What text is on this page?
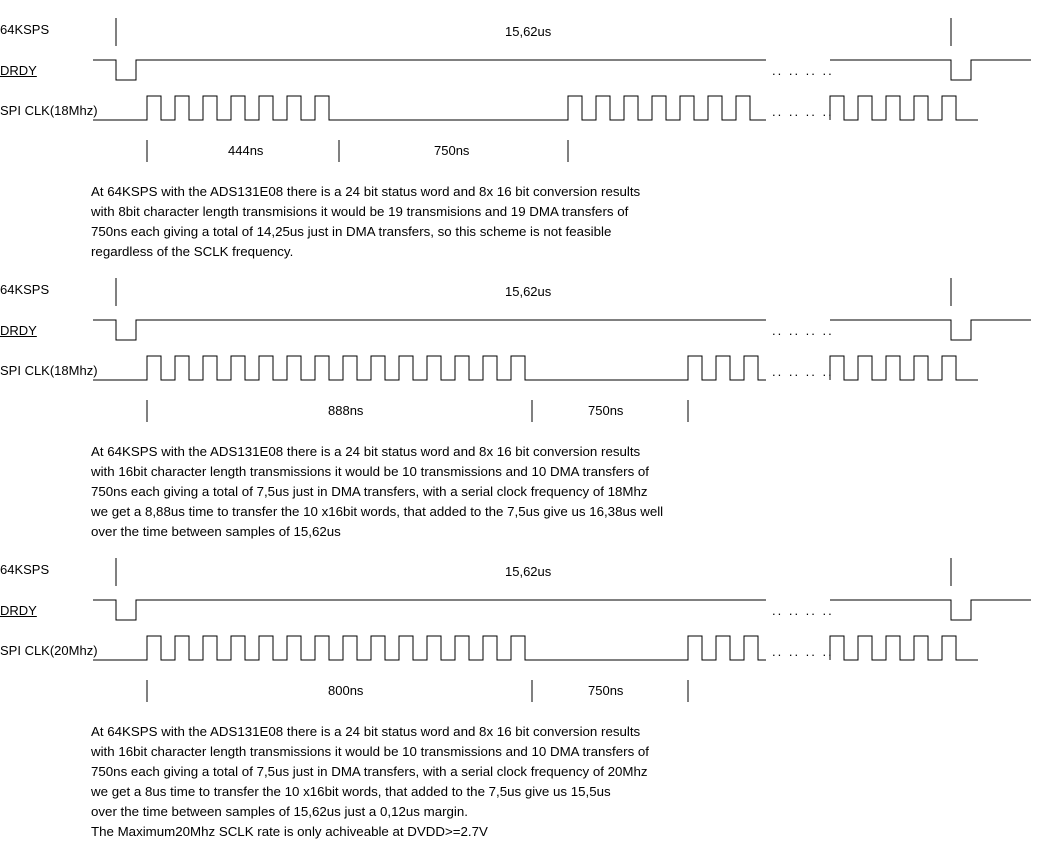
64KSPS
DRDY
SPI CLK(18Mhz)
15,62us
.. .. .. ..
.. .. .. ..
444ns	750ns
At 64KSPS with the ADS131E08 there is a 24 bit status word and 8x 16 bit conversion results
with 8bit character length transmisions it would be 19 transmisions and 19 DMA transfers of
750ns each giving a total of 14,25us just in DMA transfers, so this scheme is not feasible
regardless of the SCLK frequency.
64KSPS
DRDY
SPI CLK(18Mhz)
15,62us
.. .. .. ..
.. .. .. ..
888ns	750ns
At 64KSPS with the ADS131E08 there is a 24 bit status word and 8x 16 bit conversion results
with 16bit character length transmissions it would be 10 transmissions and 10 DMA transfers of
750ns each giving a total of 7,5us just in DMA transfers, with a serial clock frequency of 18Mhz
we get a 8,88us time to transfer the 10 x16bit words, that added to the 7,5us give us 16,38us well
over the time between samples of 15,62us
64KSPS
DRDY
SPI CLK(20Mhz)
15,62us
.. .. .. ..
.. .. .. ..
800ns	750ns
At 64KSPS with the ADS131E08 there is a 24 bit status word and 8x 16 bit conversion results
with 16bit character length transmissions it would be 10 transmissions and 10 DMA transfers of
750ns each giving a total of 7,5us just in DMA transfers, with a serial clock frequency of 20Mhz
we get a 8us time to transfer the 10 x16bit words, that added to the 7,5us give us 15,5us
over the time between samples of 15,62us just a 0,12us margin.
The Maximum20Mhz SCLK rate is only achiveable at DVDD>=2.7V
